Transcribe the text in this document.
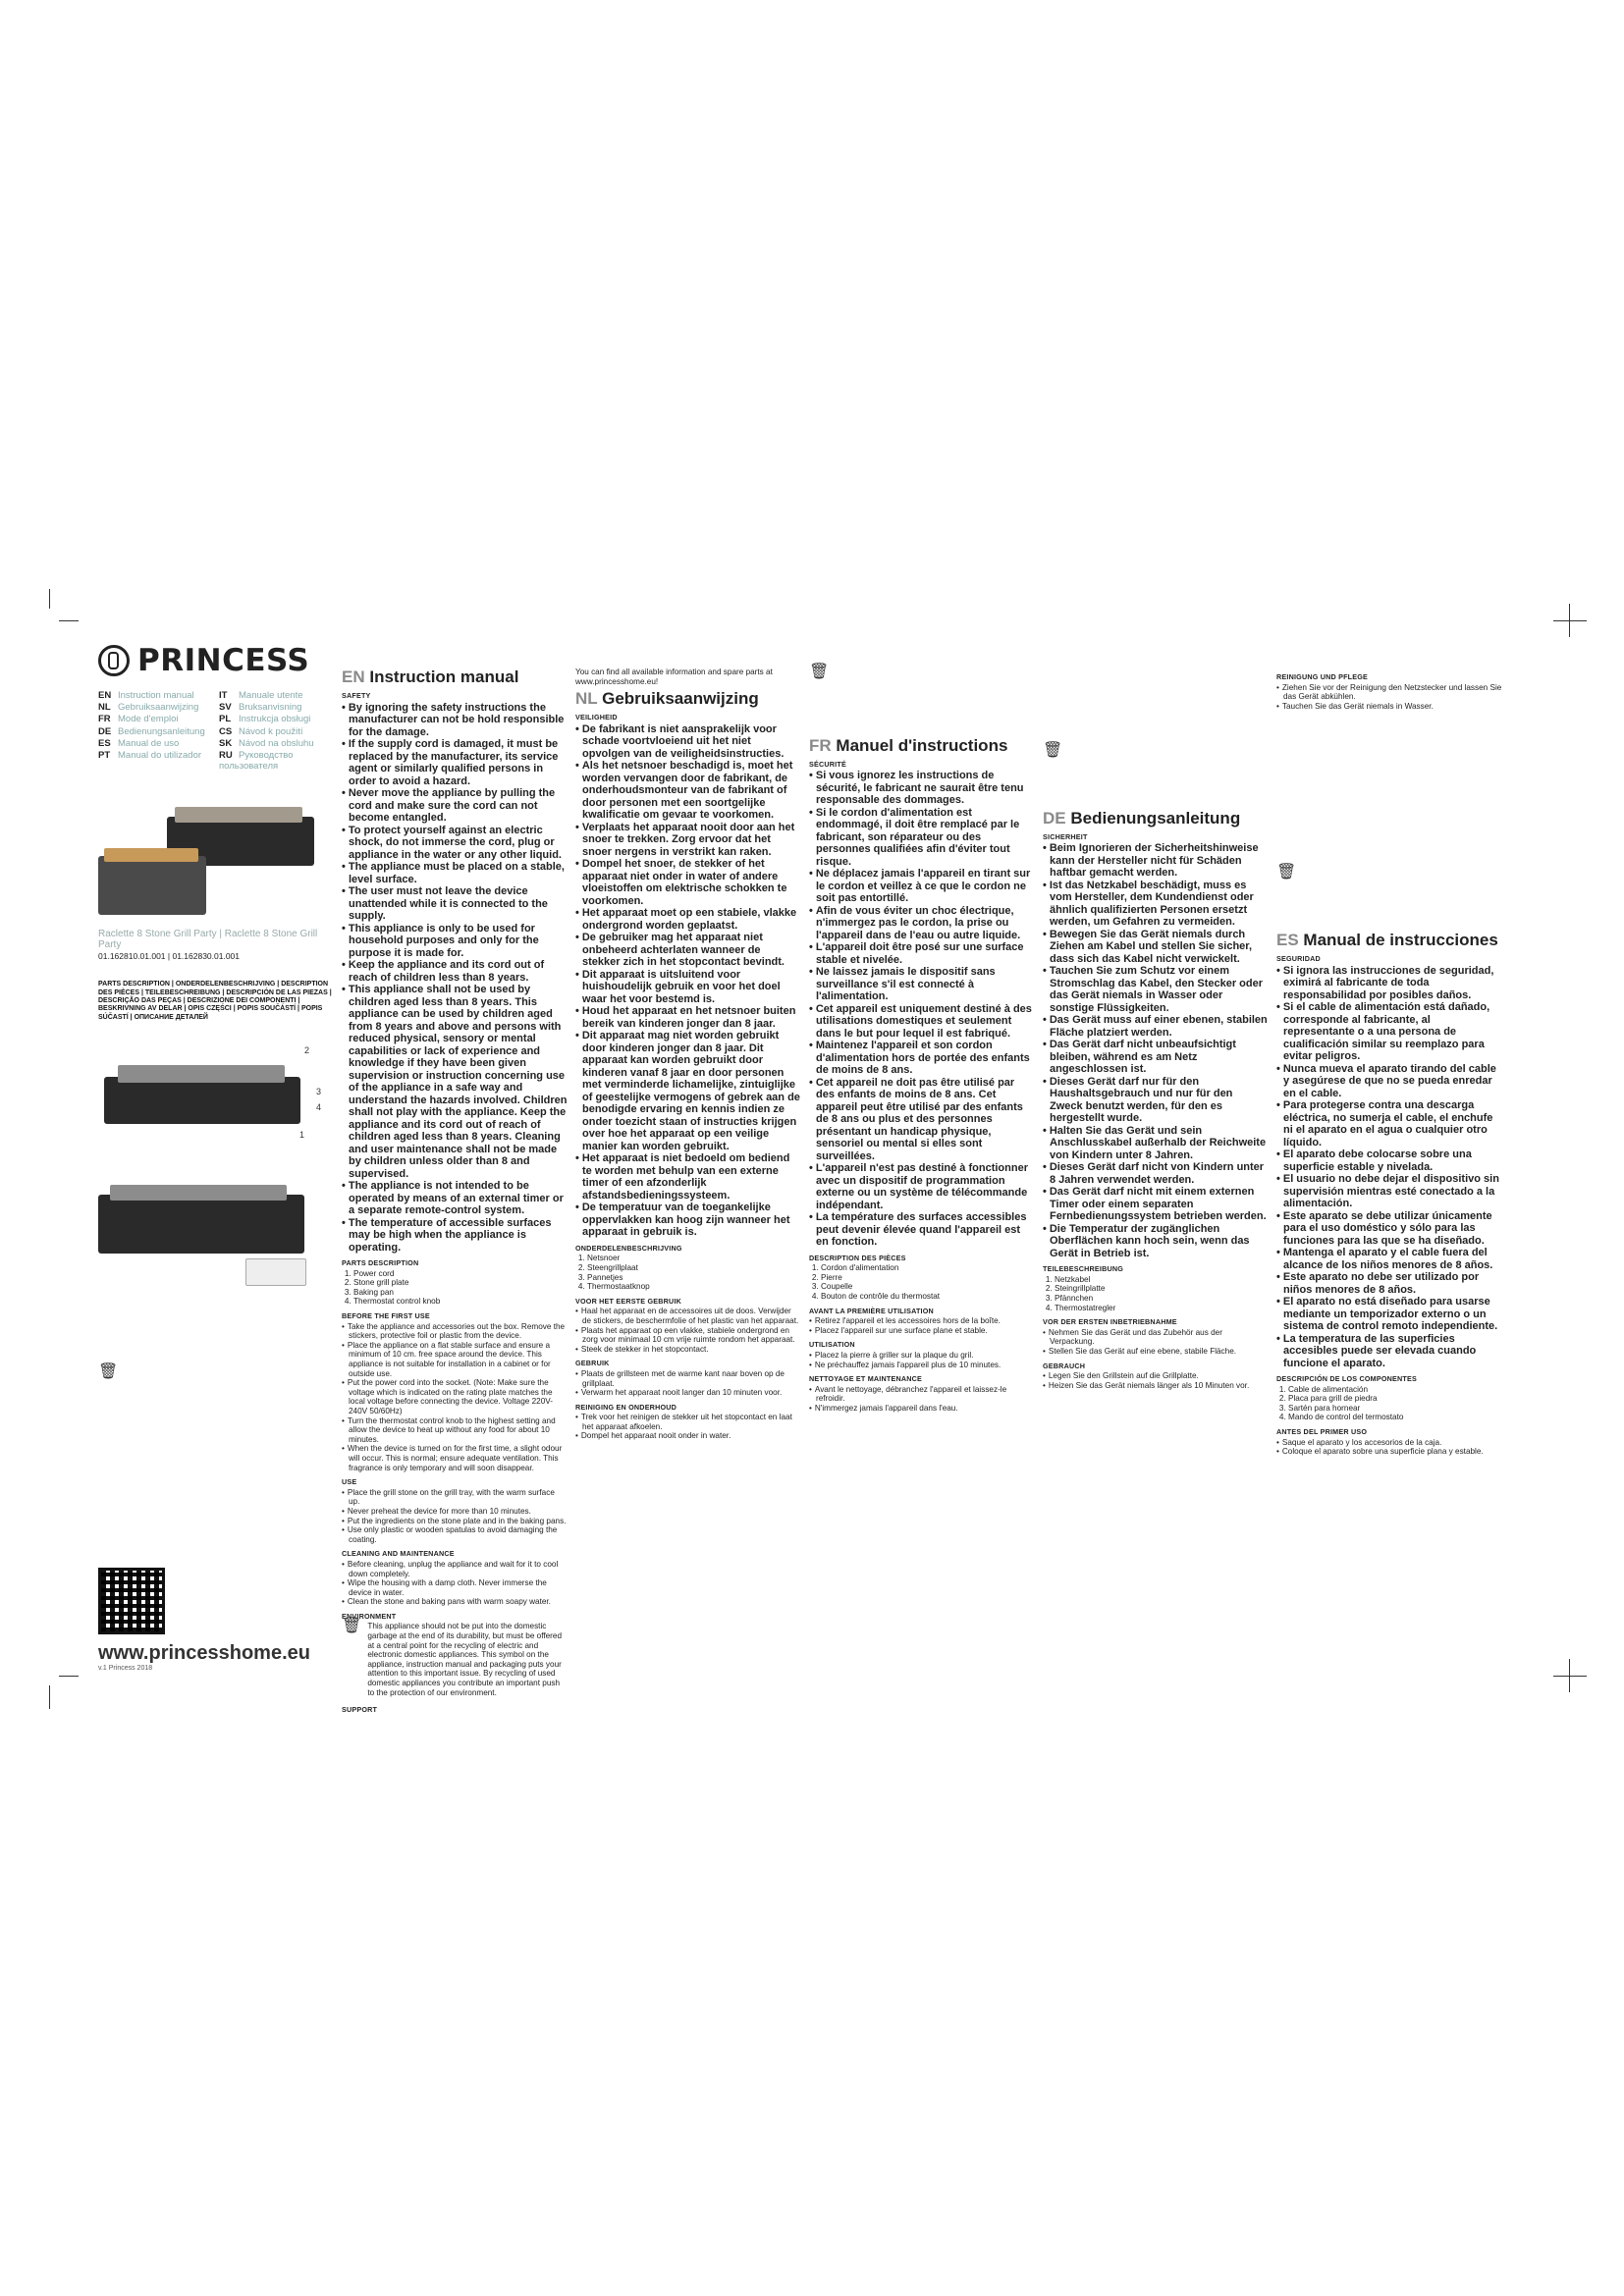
PRINCESS
EN Instruction manual	IT Manuale utente
NL Gebruiksaanwijzing	SV Bruksanvisning
FR Mode d'emploi	PL Instrukcja obsługi
DE Bedienungsanleitung	CS Návod k použití
ES Manual de uso	SK Návod na obsluhu
PT Manual do utilizador	RU Руководство пользователя
Raclette 8 Stone Grill Party | Raclette 8 Stone Grill Party
01.162810.01.001 | 01.162830.01.001
PARTS DESCRIPTION | ONDERDELENBESCHRIJVING | DESCRIPTION DES PIÈCES | TEILEBESCHREIBUNG | DESCRIPCIÓN DE LAS PIEZAS | DESCRIÇÃO DAS PEÇAS | DESCRIZIONE DEI COMPONENTI | BESKRIVNING AV DELAR | OPIS CZĘŚCI | POPIS SOUČÁSTÍ | POPIS SÚČASTÍ | ОПИСАНИЕ ДЕТАЛЕЙ
2
3
4
1
🗑
www.princesshome.eu
v.1 Princess 2018
EN Instruction manual
SAFETY
• By ignoring the safety instructions the manufacturer can not be hold responsible for the damage.
• If the supply cord is damaged, it must be replaced by the manufacturer, its service agent or similarly qualified persons in order to avoid a hazard.
• Never move the appliance by pulling the cord and make sure the cord can not become entangled.
• To protect yourself against an electric shock, do not immerse the cord, plug or appliance in the water or any other liquid.
• The appliance must be placed on a stable, level surface.
• The user must not leave the device unattended while it is connected to the supply.
• This appliance is only to be used for household purposes and only for the purpose it is made for.
• Keep the appliance and its cord out of reach of children less than 8 years.
• This appliance shall not be used by children aged less than 8 years. This appliance can be used by children aged from 8 years and above and persons with reduced physical, sensory or mental capabilities or lack of experience and knowledge if they have been given supervision or instruction concerning use of the appliance in a safe way and understand the hazards involved. Children shall not play with the appliance. Keep the appliance and its cord out of reach of children aged less than 8 years. Cleaning and user maintenance shall not be made by children unless older than 8 and supervised.
• The appliance is not intended to be operated by means of an external timer or a separate remote-control system.
• The temperature of accessible surfaces may be high when the appliance is operating.
PARTS DESCRIPTION
1. Power cord
2. Stone grill plate
3. Baking pan
4. Thermostat control knob
BEFORE THE FIRST USE
• Take the appliance and accessories out the box. Remove the stickers, protective foil or plastic from the device.
• Place the appliance on a flat stable surface and ensure a minimum of 10 cm. free space around the device. This appliance is not suitable for installation in a cabinet or for outside use.
• Put the power cord into the socket. (Note: Make sure the voltage which is indicated on the rating plate matches the local voltage before connecting the device. Voltage 220V-240V 50/60Hz)
• Turn the thermostat control knob to the highest setting and allow the device to heat up without any food for about 10 minutes.
• When the device is turned on for the first time, a slight odour will occur. This is normal; ensure adequate ventilation. This fragrance is only temporary and will soon disappear.
USE
• Place the grill stone on the grill tray, with the warm surface up.
• Never preheat the device for more than 10 minutes.
• Put the ingredients on the stone plate and in the baking pans.
• Use only plastic or wooden spatulas to avoid damaging the coating.
CLEANING AND MAINTENANCE
• Before cleaning, unplug the appliance and wait for it to cool down completely.
• Wipe the housing with a damp cloth. Never immerse the device in water.
• Clean the stone and baking pans with warm soapy water.
ENVIRONMENT
🗑 This appliance should not be put into the domestic garbage at the end of its durability, but must be offered at a central point for the recycling of electric and electronic domestic appliances. This symbol on the appliance, instruction manual and packaging puts your attention to this important issue. By recycling of used domestic appliances you contribute an important push to the protection of our environment.

SUPPORT

You can find all available information and spare parts at www.princesshome.eu!

NL Gebruiksaanwijzing
VEILIGHEID
• De fabrikant is niet aansprakelijk voor schade voortvloeiend uit het niet opvolgen van de veiligheidsinstructies.
• Als het netsnoer beschadigd is, moet het worden vervangen door de fabrikant, de onderhoudsmonteur van de fabrikant of door personen met een soortgelijke kwalificatie om gevaar te voorkomen.
• Verplaats het apparaat nooit door aan het snoer te trekken. Zorg ervoor dat het snoer nergens in verstrikt kan raken.
• Dompel het snoer, de stekker of het apparaat niet onder in water of andere vloeistoffen om elektrische schokken te voorkomen.
• Het apparaat moet op een stabiele, vlakke ondergrond worden geplaatst.
• De gebruiker mag het apparaat niet onbeheerd achterlaten wanneer de stekker zich in het stopcontact bevindt.
• Dit apparaat is uitsluitend voor huishoudelijk gebruik en voor het doel waar het voor bestemd is.
• Houd het apparaat en het netsnoer buiten bereik van kinderen jonger dan 8 jaar.
• Dit apparaat mag niet worden gebruikt door kinderen jonger dan 8 jaar. Dit apparaat kan worden gebruikt door kinderen vanaf 8 jaar en door personen met verminderde lichamelijke, zintuiglijke of geestelijke vermogens of gebrek aan de benodigde ervaring en kennis indien ze onder toezicht staan of instructies krijgen over hoe het apparaat op een veilige manier kan worden gebruikt.
• Het apparaat is niet bedoeld om bediend te worden met behulp van een externe timer of een afzonderlijk afstandsbedieningssysteem.
• De temperatuur van de toegankelijke oppervlakken kan hoog zijn wanneer het apparaat in gebruik is.
ONDERDELENBESCHRIJVING
1. Netsnoer
2. Steengrillplaat
3. Pannetjes
4. Thermostaatknop
VOOR HET EERSTE GEBRUIK
• Haal het apparaat en de accessoires uit de doos. Verwijder de stickers, de beschermfolie of het plastic van het apparaat.
• Plaats het apparaat op een vlakke, stabiele ondergrond en zorg voor minimaal 10 cm vrije ruimte rondom het apparaat.
• Steek de stekker in het stopcontact.
GEBRUIK
• Plaats de grillsteen met de warme kant naar boven op de grillplaat.
• Verwarm het apparaat nooit langer dan 10 minuten voor.
REINIGING EN ONDERHOUD
• Trek voor het reinigen de stekker uit het stopcontact en laat het apparaat afkoelen.
• Dompel het apparaat nooit onder in water.
🗑
FR Manuel d'instructions
SÉCURITÉ
• Si vous ignorez les instructions de sécurité, le fabricant ne saurait être tenu responsable des dommages.
• Si le cordon d'alimentation est endommagé, il doit être remplacé par le fabricant, son réparateur ou des personnes qualifiées afin d'éviter tout risque.
• Ne déplacez jamais l'appareil en tirant sur le cordon et veillez à ce que le cordon ne soit pas entortillé.
• Afin de vous éviter un choc électrique, n'immergez pas le cordon, la prise ou l'appareil dans de l'eau ou autre liquide.
• L'appareil doit être posé sur une surface stable et nivelée.
• Ne laissez jamais le dispositif sans surveillance s'il est connecté à l'alimentation.
• Cet appareil est uniquement destiné à des utilisations domestiques et seulement dans le but pour lequel il est fabriqué.
• Maintenez l'appareil et son cordon d'alimentation hors de portée des enfants de moins de 8 ans.
• Cet appareil ne doit pas être utilisé par des enfants de moins de 8 ans. Cet appareil peut être utilisé par des enfants de 8 ans ou plus et des personnes présentant un handicap physique, sensoriel ou mental si elles sont surveillées.
• L'appareil n'est pas destiné à fonctionner avec un dispositif de programmation externe ou un système de télécommande indépendant.
• La température des surfaces accessibles peut devenir élevée quand l'appareil est en fonction.
DESCRIPTION DES PIÈCES
1. Cordon d'alimentation
2. Pierre
3. Coupelle
4. Bouton de contrôle du thermostat
AVANT LA PREMIÈRE UTILISATION
• Retirez l'appareil et les accessoires hors de la boîte.
• Placez l'appareil sur une surface plane et stable.
UTILISATION
• Placez la pierre à griller sur la plaque du gril.
• Ne préchauffez jamais l'appareil plus de 10 minutes.
NETTOYAGE ET MAINTENANCE
• Avant le nettoyage, débranchez l'appareil et laissez-le refroidir.
• N'immergez jamais l'appareil dans l'eau.
🗑
DE Bedienungsanleitung
SICHERHEIT
• Beim Ignorieren der Sicherheitshinweise kann der Hersteller nicht für Schäden haftbar gemacht werden.
• Ist das Netzkabel beschädigt, muss es vom Hersteller, dem Kundendienst oder ähnlich qualifizierten Personen ersetzt werden, um Gefahren zu vermeiden.
• Bewegen Sie das Gerät niemals durch Ziehen am Kabel und stellen Sie sicher, dass sich das Kabel nicht verwickelt.
• Tauchen Sie zum Schutz vor einem Stromschlag das Kabel, den Stecker oder das Gerät niemals in Wasser oder sonstige Flüssigkeiten.
• Das Gerät muss auf einer ebenen, stabilen Fläche platziert werden.
• Das Gerät darf nicht unbeaufsichtigt bleiben, während es am Netz angeschlossen ist.
• Dieses Gerät darf nur für den Haushaltsgebrauch und nur für den Zweck benutzt werden, für den es hergestellt wurde.
• Halten Sie das Gerät und sein Anschlusskabel außerhalb der Reichweite von Kindern unter 8 Jahren.
• Dieses Gerät darf nicht von Kindern unter 8 Jahren verwendet werden.
• Das Gerät darf nicht mit einem externen Timer oder einem separaten Fernbedienungssystem betrieben werden.
• Die Temperatur der zugänglichen Oberflächen kann hoch sein, wenn das Gerät in Betrieb ist.
TEILEBESCHREIBUNG
1. Netzkabel
2. Steingrillplatte
3. Pfännchen
4. Thermostatregler
VOR DER ERSTEN INBETRIEBNAHME
• Nehmen Sie das Gerät und das Zubehör aus der Verpackung.
• Stellen Sie das Gerät auf eine ebene, stabile Fläche.
GEBRAUCH
• Legen Sie den Grillstein auf die Grillplatte.
• Heizen Sie das Gerät niemals länger als 10 Minuten vor.
REINIGUNG UND PFLEGE
• Ziehen Sie vor der Reinigung den Netzstecker und lassen Sie das Gerät abkühlen.
• Tauchen Sie das Gerät niemals in Wasser.
🗑
ES Manual de instrucciones
SEGURIDAD
• Si ignora las instrucciones de seguridad, eximirá al fabricante de toda responsabilidad por posibles daños.
• Si el cable de alimentación está dañado, corresponde al fabricante, al representante o a una persona de cualificación similar su reemplazo para evitar peligros.
• Nunca mueva el aparato tirando del cable y asegúrese de que no se pueda enredar en el cable.
• Para protegerse contra una descarga eléctrica, no sumerja el cable, el enchufe ni el aparato en el agua o cualquier otro líquido.
• El aparato debe colocarse sobre una superficie estable y nivelada.
• El usuario no debe dejar el dispositivo sin supervisión mientras esté conectado a la alimentación.
• Este aparato se debe utilizar únicamente para el uso doméstico y sólo para las funciones para las que se ha diseñado.
• Mantenga el aparato y el cable fuera del alcance de los niños menores de 8 años.
• Este aparato no debe ser utilizado por niños menores de 8 años.
• El aparato no está diseñado para usarse mediante un temporizador externo o un sistema de control remoto independiente.
• La temperatura de las superficies accesibles puede ser elevada cuando funcione el aparato.
DESCRIPCIÓN DE LOS COMPONENTES
1. Cable de alimentación
2. Placa para grill de piedra
3. Sartén para hornear
4. Mando de control del termostato
ANTES DEL PRIMER USO
• Saque el aparato y los accesorios de la caja.
• Coloque el aparato sobre una superficie plana y estable.
